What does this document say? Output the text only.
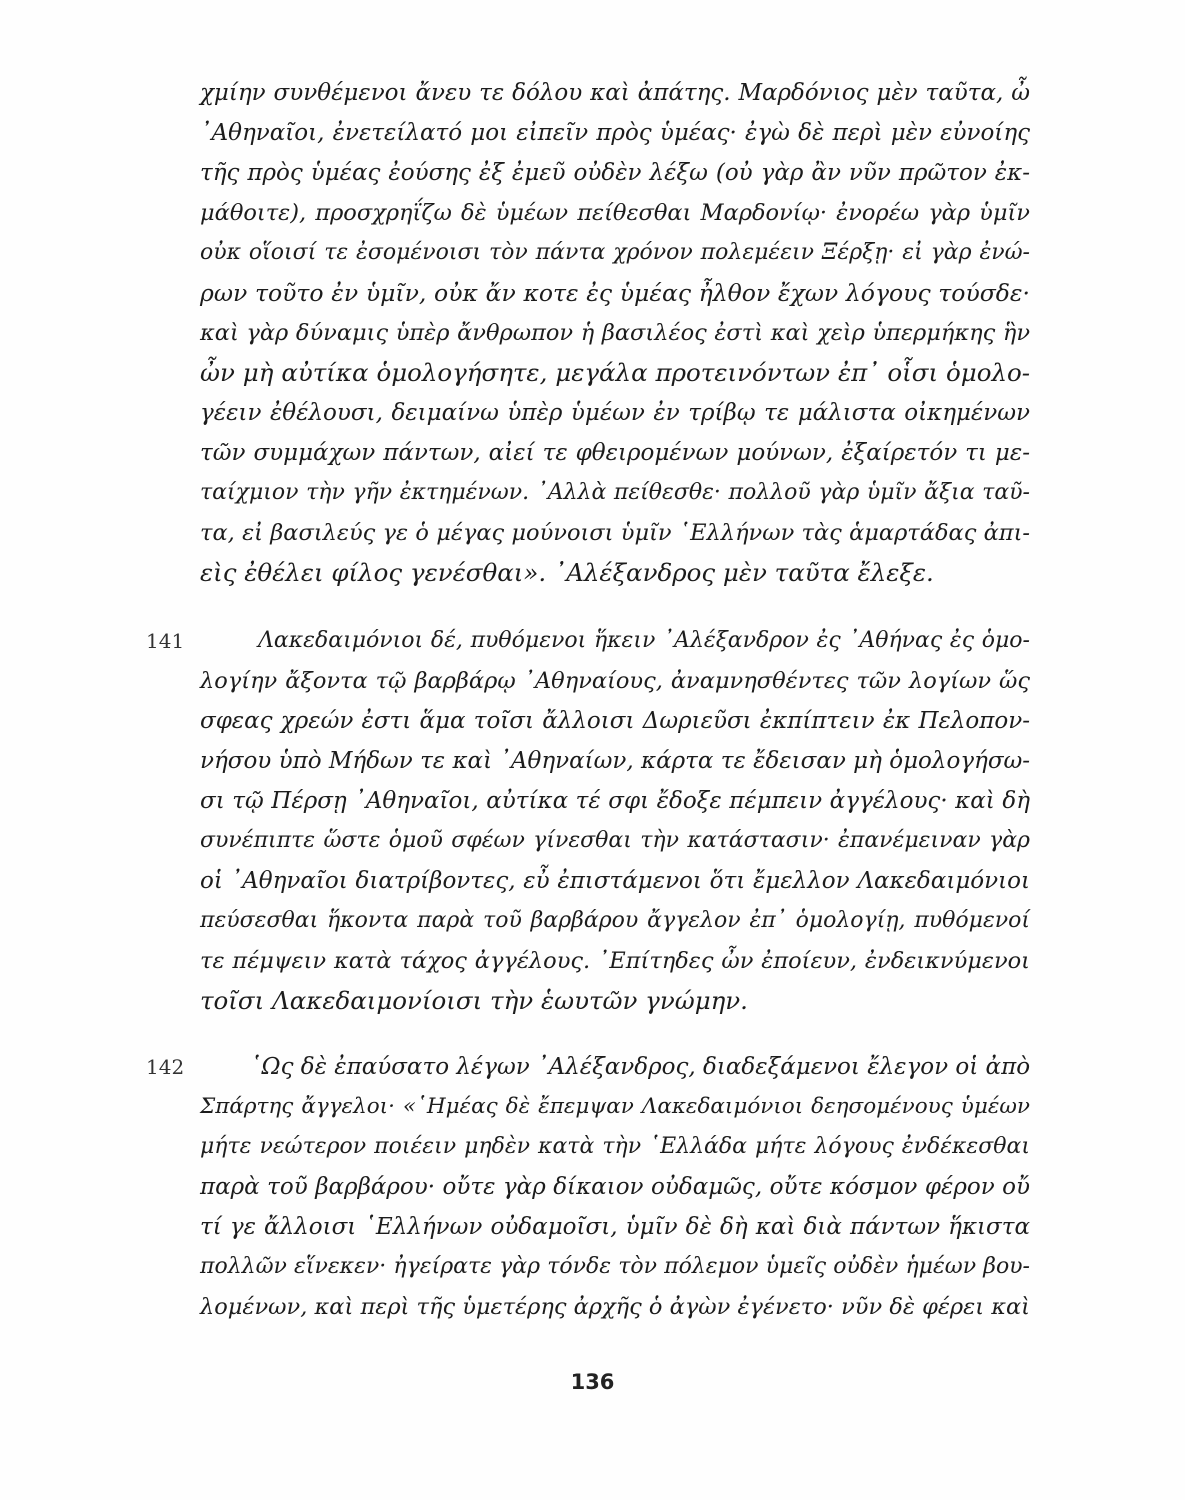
χμίην συνθέμενοι ἄνευ τε δόλου καὶ ἀπάτης. Μαρδόνιος μὲν ταῦτα, ὦ
᾿Αθηναῖοι, ἐνετείλατό μοι εἰπεῖν πρὸς ὑμέας· ἐγὼ δὲ περὶ μὲν εὐνοίης
τῆς πρὸς ὑμέας ἐούσης ἐξ ἐμεῦ οὐδὲν λέξω (οὐ γὰρ ἂν νῦν πρῶτον ἐκ-
μάθοιτε), προσχρηΐζω δὲ ὑμέων πείθεσθαι Μαρδονίῳ· ἐνορέω γὰρ ὑμῖν
οὐκ οἵοισί τε ἐσομένοισι τὸν πάντα χρόνον πολεμέειν Ξέρξῃ· εἰ γὰρ ἐνώ-
ρων τοῦτο ἐν ὑμῖν, οὐκ ἄν κοτε ἐς ὑμέας ἦλθον ἔχων λόγους τούσδε·
καὶ γὰρ δύναμις ὑπὲρ ἄνθρωπον ἡ βασιλέος ἐστὶ καὶ χεὶρ ὑπερμήκης ἣν
ὦν μὴ αὐτίκα ὁμολογήσητε, μεγάλα προτεινόντων ἐπ᾿ οἷσι ὁμολο-
γέειν ἐθέλουσι, δειμαίνω ὑπὲρ ὑμέων ἐν τρίβῳ τε μάλιστα οἰκημένων
τῶν συμμάχων πάντων, αἰεί τε φθειρομένων μούνων, ἐξαίρετόν τι με-
ταίχμιον τὴν γῆν ἐκτημένων. ᾿Αλλὰ πείθεσθε· πολλοῦ γὰρ ὑμῖν ἄξια ταῦ-
τα, εἰ βασιλεύς γε ὁ μέγας μούνοισι ὑμῖν ῾Ελλήνων τὰς ἁμαρτάδας ἀπι-
εὶς ἐθέλει φίλος γενέσθαι». ᾿Αλέξανδρος μὲν ταῦτα ἔλεξε.
141	Λακεδαιμόνιοι δέ, πυθόμενοι ἥκειν ᾿Αλέξανδρον ἐς ᾿Αθήνας ἐς ὁμο-
λογίην ἄξοντα τῷ βαρβάρῳ ᾿Αθηναίους, ἀναμνησθέντες τῶν λογίων ὥς
σφεας χρεών ἐστι ἅμα τοῖσι ἄλλοισι Δωριεῦσι ἐκπίπτειν ἐκ Πελοπον-
νήσου ὑπὸ Μήδων τε καὶ ᾿Αθηναίων, κάρτα τε ἔδεισαν μὴ ὁμολογήσω-
σι τῷ Πέρσῃ ᾿Αθηναῖοι, αὐτίκα τέ σφι ἔδοξε πέμπειν ἀγγέλους· καὶ δὴ
συνέπιπτε ὥστε ὁμοῦ σφέων γίνεσθαι τὴν κατάστασιν· ἐπανέμειναν γὰρ
οἱ ᾿Αθηναῖοι διατρίβοντες, εὖ ἐπιστάμενοι ὅτι ἔμελλον Λακεδαιμόνιοι
πεύσεσθαι ἥκοντα παρὰ τοῦ βαρβάρου ἄγγελον ἐπ᾿ ὁμολογίῃ, πυθόμενοί
τε πέμψειν κατὰ τάχος ἀγγέλους. ᾿Επίτηδες ὦν ἐποίευν, ἐνδεικνύμενοι
τοῖσι Λακεδαιμονίοισι τὴν ἑωυτῶν γνώμην.
142	῾Ως δὲ ἐπαύσατο λέγων ᾿Αλέξανδρος, διαδεξάμενοι ἔλεγον οἱ ἀπὸ
Σπάρτης ἄγγελοι· «῾Ημέας δὲ ἔπεμψαν Λακεδαιμόνιοι δεησομένους ὑμέων
μήτε νεώτερον ποιέειν μηδὲν κατὰ τὴν ῾Ελλάδα μήτε λόγους ἐνδέκεσθαι
παρὰ τοῦ βαρβάρου· οὔτε γὰρ δίκαιον οὐδαμῶς, οὔτε κόσμον φέρον οὔ
τί γε ἄλλοισι ῾Ελλήνων οὐδαμοῖσι, ὑμῖν δὲ δὴ καὶ διὰ πάντων ἥκιστα
πολλῶν εἵνεκεν· ἠγείρατε γὰρ τόνδε τὸν πόλεμον ὑμεῖς οὐδὲν ἡμέων βου-
λομένων, καὶ περὶ τῆς ὑμετέρης ἀρχῆς ὁ ἀγὼν ἐγένετο· νῦν δὲ φέρει καὶ
136
